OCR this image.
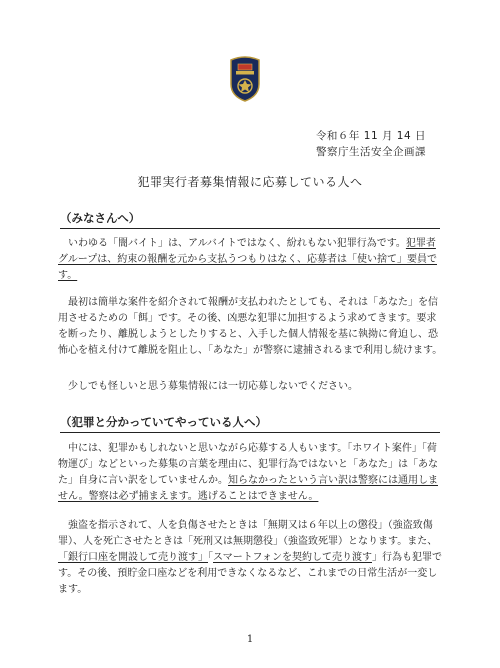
令和６年 11 月 14 日
警察庁生活安全企画課
犯罪実行者募集情報に応募している人へ
（みなさんへ）
　いわゆる「闇バイト」は、アルバイトではなく、紛れもない犯罪行為です。犯罪者グループは、約束の報酬を元から支払うつもりはなく、応募者は「使い捨て」要員です。
　最初は簡単な案件を紹介されて報酬が支払われたとしても、それは「あなた」を信用させるための「餌」です。その後、凶悪な犯罪に加担するよう求めてきます。要求を断ったり、離脱しようとしたりすると、入手した個人情報を基に執拗に脅迫し、恐怖心を植え付けて離脱を阻止し、「あなた」が警察に逮捕されるまで利用し続けます。
　少しでも怪しいと思う募集情報には一切応募しないでください。
（犯罪と分かっていてやっている人へ）
　中には、犯罪かもしれないと思いながら応募する人もいます。「ホワイト案件」「荷物運び」などといった募集の言葉を理由に、犯罪行為ではないと「あなた」は「あなた」自身に言い訳をしていませんか。知らなかったという言い訳は警察には通用しません。警察は必ず捕まえます。逃げることはできません。
　強盗を指示されて、人を負傷させたときは「無期又は６年以上の懲役」（強盗致傷罪）、人を死亡させたときは「死刑又は無期懲役」（強盗致死罪）となります。また、「銀行口座を開設して売り渡す」「スマートフォンを契約して売り渡す」行為も犯罪です。その後、預貯金口座などを利用できなくなるなど、これまでの日常生活が一変します。
1
